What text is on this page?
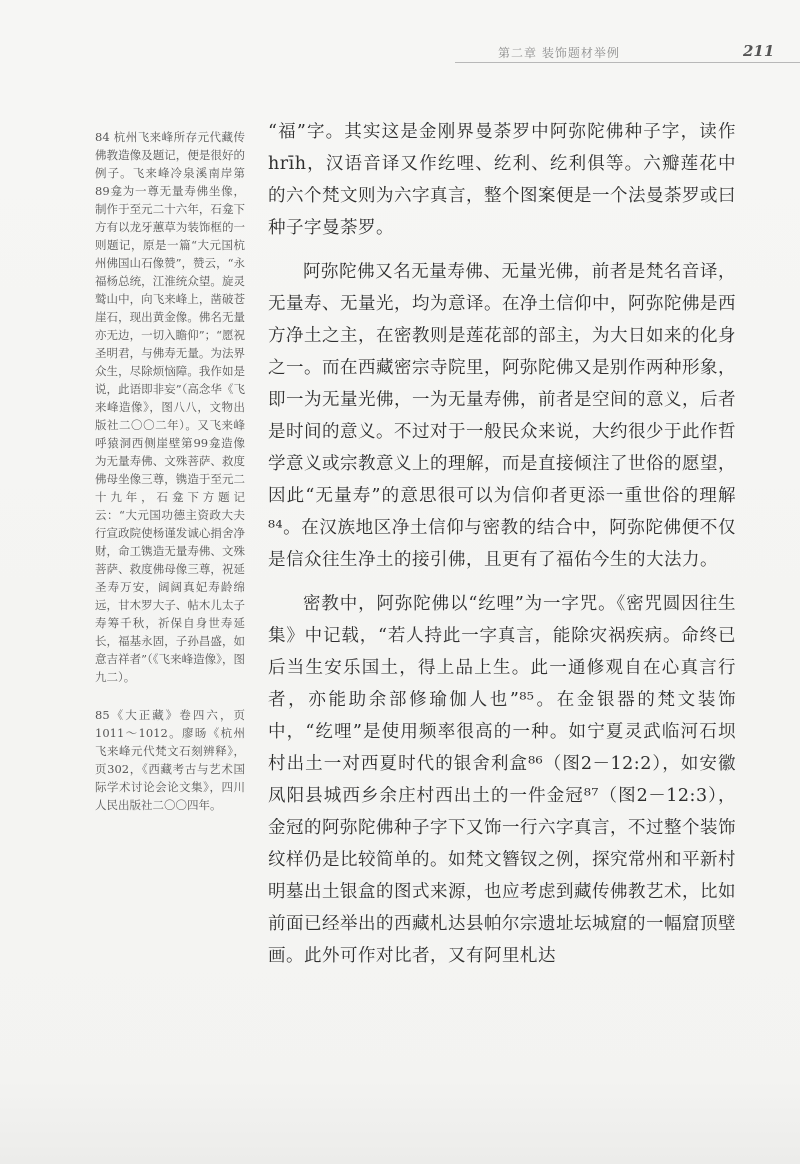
第二章 装饰题材举例	211

84 杭州飞来峰所存元代藏传佛教造像及题记，便是很好的例子。飞来峰冷泉溪南岸第89龛为一尊无量寿佛坐像，制作于至元二十六年，石龛下方有以龙牙蕙草为装饰框的一则题记，原是一篇“大元国杭州佛国山石像赞”，赞云，“永福杨总统，江淮统众望。旋灵鹫山中，向飞来峰上，凿破苍崖石，现出黄金像。佛名无量亦无边，一切入瞻仰”；“愿祝圣明君，与佛寿无量。为法界众生，尽除烦恼障。我作如是说，此语即非妄”（高念华《飞来峰造像》，图八八，文物出版社二〇〇二年）。又飞来峰呼猿洞西侧崖壁第99龛造像为无量寿佛、文殊菩萨、救度佛母坐像三尊，镌造于至元二十九年，石龛下方题记云：“大元国功德主资政大夫行宣政院使杨谨发诚心捐舍净财，命工镌造无量寿佛、文殊菩萨、救度佛母像三尊，祝延圣寿万安，阔阔真妃寿龄绵远，甘木罗大子、帖木儿太子寿筹千秋，祈保自身世寿延长，福基永固，子孙昌盛，如意吉祥者”（《飞来峰造像》，图九二）。

85《大正藏》卷四六，页1011～1012。廖旸《杭州飞来峰元代梵文石刻辨释》，页302，《西藏考古与艺术国际学术讨论会论文集》，四川人民出版社二〇〇四年。

“福”字。其实这是金刚界曼荼罗中阿弥陀佛种子字，读作hrīh，汉语音译又作纥哩、纥利、纥利俱等。六瓣莲花中的六个梵文则为六字真言，整个图案便是一个法曼荼罗或曰种子字曼荼罗。

阿弥陀佛又名无量寿佛、无量光佛，前者是梵名音译，无量寿、无量光，均为意译。在净土信仰中，阿弥陀佛是西方净土之主，在密教则是莲花部的部主，为大日如来的化身之一。而在西藏密宗寺院里，阿弥陀佛又是别作两种形象，即一为无量光佛，一为无量寿佛，前者是空间的意义，后者是时间的意义。不过对于一般民众来说，大约很少于此作哲学意义或宗教意义上的理解，而是直接倾注了世俗的愿望，因此“无量寿”的意思很可以为信仰者更添一重世俗的理解⁸⁴。在汉族地区净土信仰与密教的结合中，阿弥陀佛便不仅是信众往生净土的接引佛，且更有了福佑今生的大法力。

密教中，阿弥陀佛以“纥哩”为一字咒。《密咒圆因往生集》中记载，“若人持此一字真言，能除灾祸疾病。命终已后当生安乐国土，得上品上生。此一通修观自在心真言行者，亦能助余部修瑜伽人也”⁸⁵。在金银器的梵文装饰中，“纥哩”是使用频率很高的一种。如宁夏灵武临河石坝村出土一对西夏时代的银舍利盒⁸⁶（图2－12:2），如安徽凤阳县城西乡余庄村西出土的一件金冠⁸⁷（图2－12:3），金冠的阿弥陀佛种子字下又饰一行六字真言，不过整个装饰纹样仍是比较简单的。如梵文簪钗之例，探究常州和平新村明墓出土银盒的图式来源，也应考虑到藏传佛教艺术，比如前面已经举出的西藏札达县帕尔宗遗址坛城窟的一幅窟顶壁画。此外可作对比者，又有阿里札达
